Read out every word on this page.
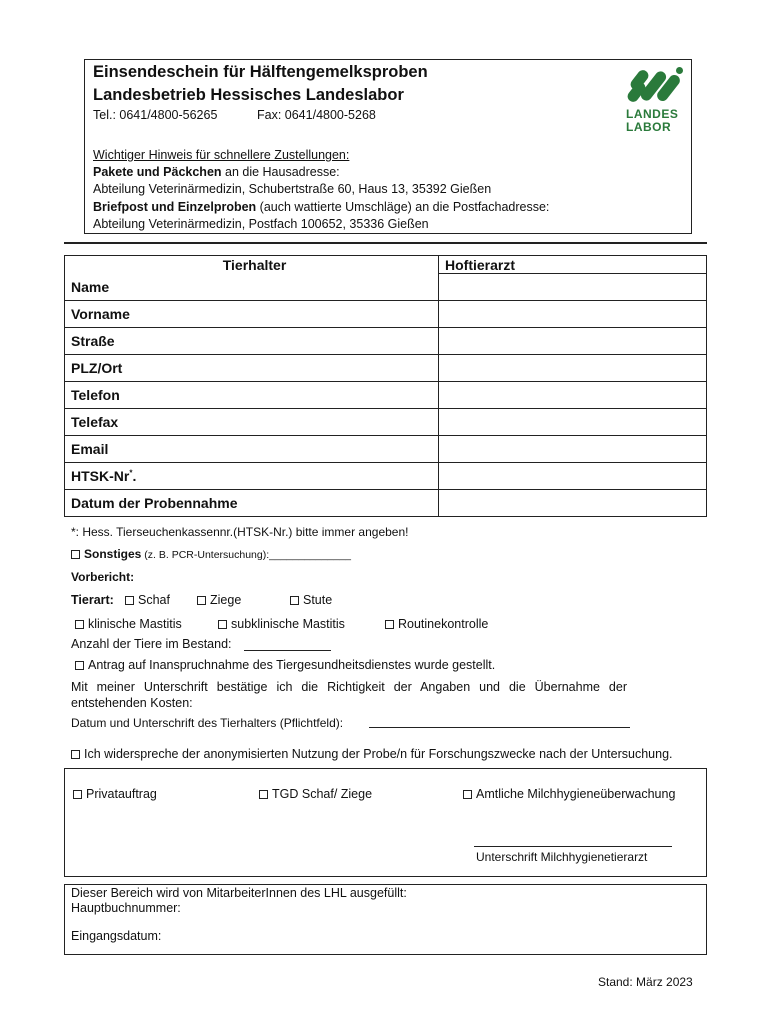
Einsendeschein für Hälftengemelksproben
Landesbetrieb Hessisches Landeslabor
Tel.: 0641/4800-56265	Fax: 0641/4800-5268
Wichtiger Hinweis für schnellere Zustellungen:
Pakete und Päckchen an die Hausadresse:
Abteilung Veterinärmedizin, Schubertstraße 60, Haus 13, 35392 Gießen
Briefpost und Einzelproben (auch wattierte Umschläge) an die Postfachadresse:
Abteilung Veterinärmedizin, Postfach 100652, 35336 Gießen
LANDES
LABOR
Tierhalter	Hoftierarzt
Name	
Vorname	
Straße	
PLZ/Ort	
Telefon	
Telefax	
Email	
HTSK-Nr*.	
Datum der Probennahme	
*: Hess. Tierseuchenkassennr.(HTSK-Nr.) bitte immer angeben!
Sonstiges (z. B. PCR-Untersuchung):______________
Vorbericht:
Tierart:	Schaf	Ziege	Stute
klinische Mastitis	subklinische Mastitis	Routinekontrolle
Anzahl der Tiere im Bestand:
Antrag auf Inanspruchnahme des Tiergesundheitsdienstes wurde gestellt.
Mit meiner Unterschrift bestätige ich die Richtigkeit der Angaben und die Übernahme der
entstehenden Kosten:
Datum und Unterschrift des Tierhalters (Pflichtfeld):
Ich widerspreche der anonymisierten Nutzung der Probe/n für Forschungszwecke nach der Untersuchung.
Privatauftrag	TGD Schaf/ Ziege	Amtliche Milchhygieneüberwachung
Unterschrift Milchhygienetierarzt
Dieser Bereich wird von MitarbeiterInnen des LHL ausgefüllt:
Hauptbuchnummer:
Eingangsdatum:
Stand: März 2023
